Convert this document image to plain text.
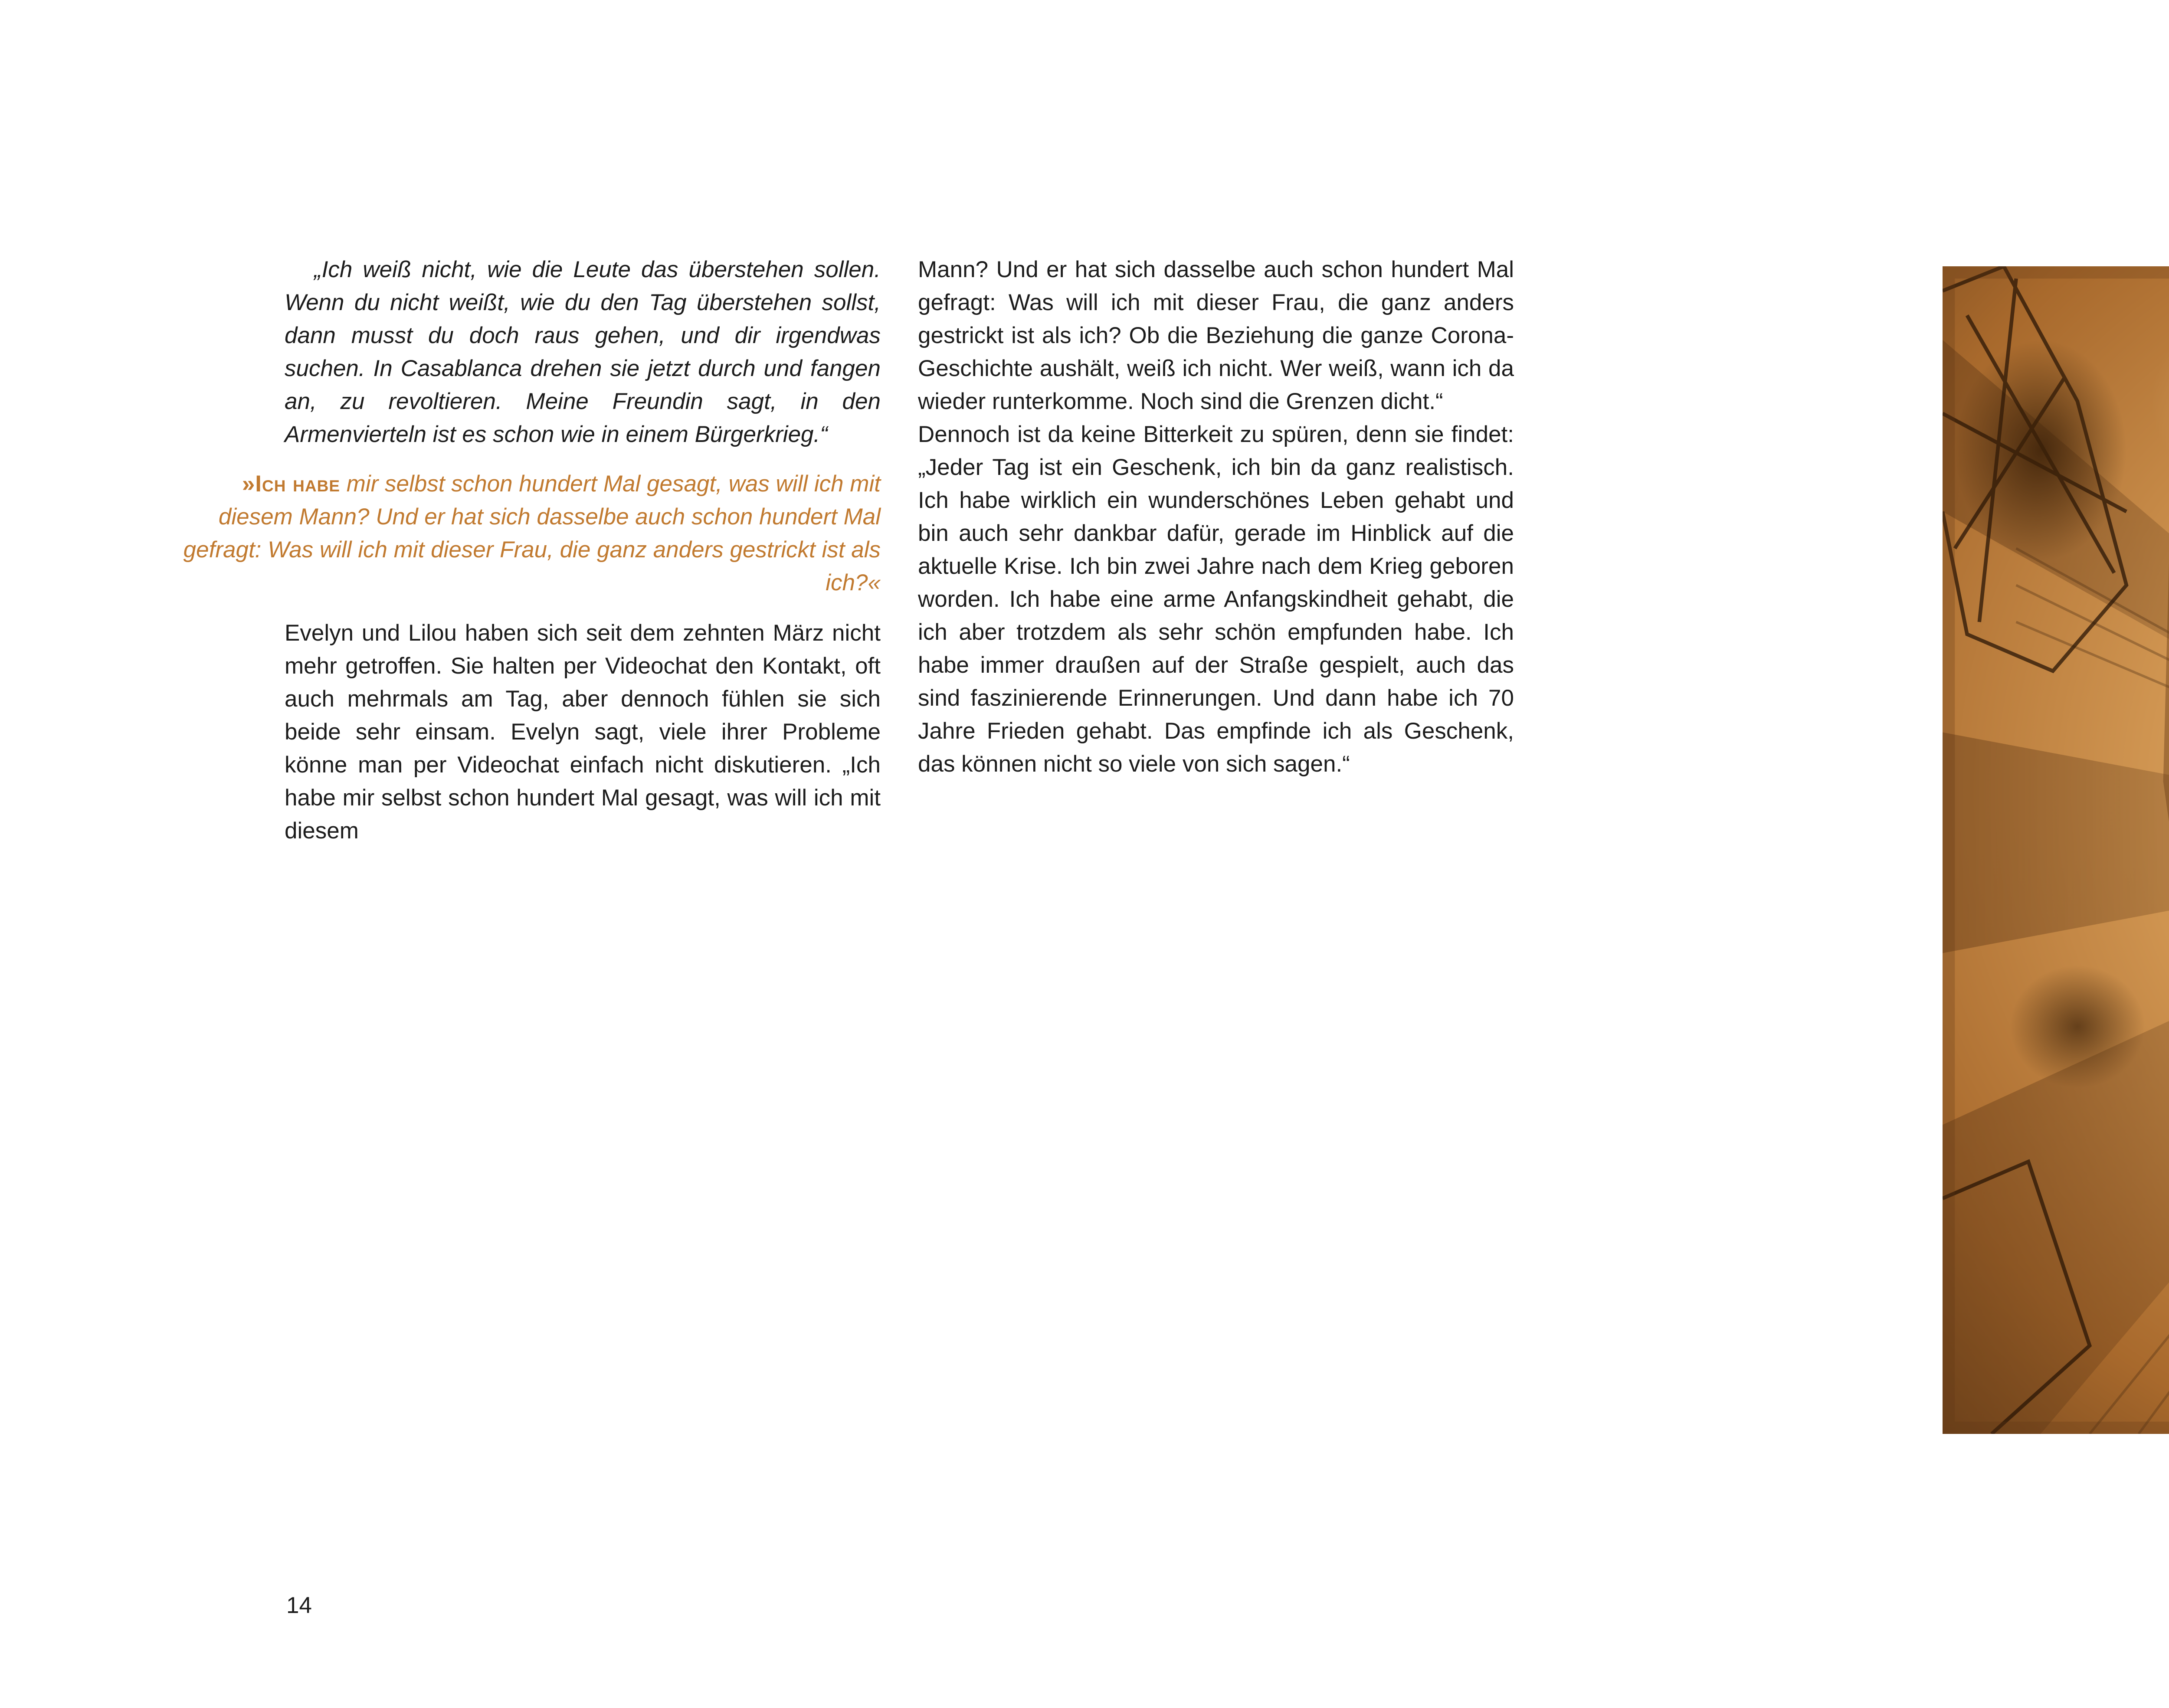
„Ich weiß nicht, wie die Leute das überstehen sollen. Wenn du nicht weißt, wie du den Tag überstehen sollst, dann musst du doch raus gehen, und dir irgendwas suchen. In Casablanca drehen sie jetzt durch und fangen an, zu revoltieren. Meine Freundin sagt, in den Armenvierteln ist es schon wie in einem Bürgerkrieg.“

»Ich habe mir selbst schon hundert Mal gesagt, was will ich mit diesem Mann? Und er hat sich dasselbe auch schon hundert Mal gefragt: Was will ich mit dieser Frau, die ganz anders gestrickt ist als ich?«

Evelyn und Lilou haben sich seit dem zehnten März nicht mehr getroffen. Sie halten per Videochat den Kontakt, oft auch mehrmals am Tag, aber dennoch fühlen sie sich beide sehr einsam. Evelyn sagt, viele ihrer Probleme könne man per Videochat einfach nicht diskutieren. „Ich habe mir selbst schon hundert Mal gesagt, was will ich mit diesem

Mann? Und er hat sich dasselbe auch schon hundert Mal gefragt: Was will ich mit dieser Frau, die ganz anders gestrickt ist als ich? Ob die Beziehung die ganze Corona-Geschichte aushält, weiß ich nicht. Wer weiß, wann ich da wieder runterkomme. Noch sind die Grenzen dicht.“

Dennoch ist da keine Bitterkeit zu spüren, denn sie findet: „Jeder Tag ist ein Geschenk, ich bin da ganz realistisch. Ich habe wirklich ein wunderschönes Leben gehabt und bin auch sehr dankbar dafür, gerade im Hinblick auf die aktuelle Krise. Ich bin zwei Jahre nach dem Krieg geboren worden. Ich habe eine arme Anfangskindheit gehabt, die ich aber trotzdem als sehr schön empfunden habe. Ich habe immer draußen auf der Straße gespielt, auch das sind faszinierende Erinnerungen. Und dann habe ich 70 Jahre Frieden gehabt. Das empfinde ich als Geschenk, das können nicht so viele von sich sagen.“

14
